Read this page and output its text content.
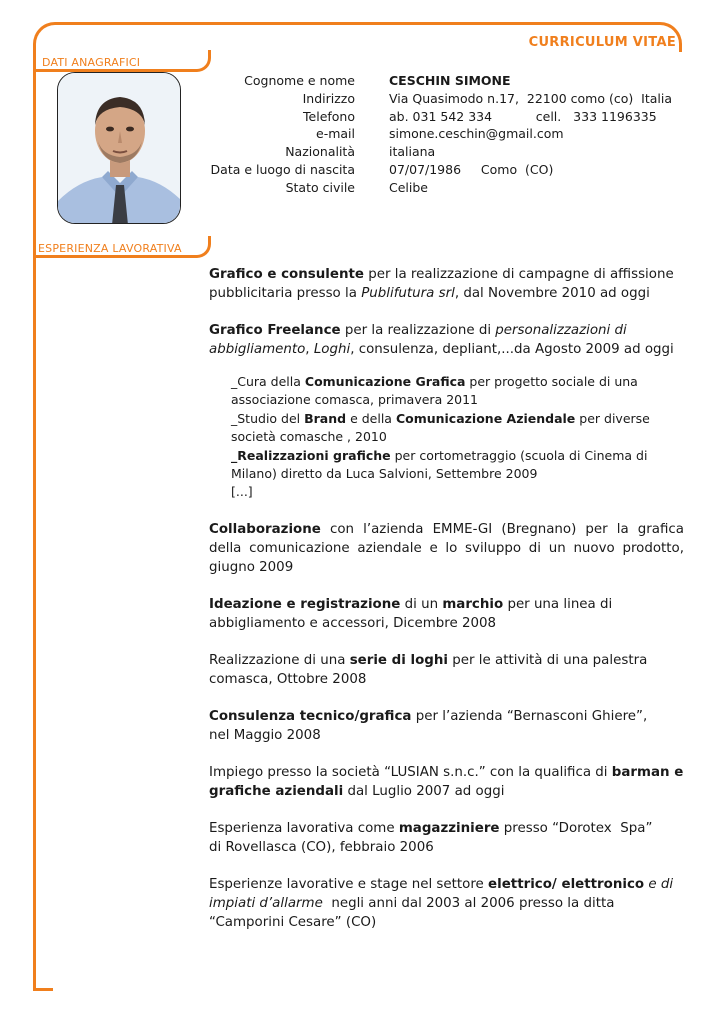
CURRICULUM VITAE
DATI ANAGRAFICI
Cognome e nome
Indirizzo
Telefono
e-mail
Nazionalità
Data e luogo di nascita
Stato civile
CESCHIN SIMONE
Via Quasimodo n.17,  22100 como (co)  Italia
ab. 031 542 334           cell.   333 1196335
simone.ceschin@gmail.com
italiana
07/07/1986     Como  (CO)
Celibe
ESPERIENZA LAVORATIVA

Grafico e consulente per la realizzazione di campagne di affissione pubblicitaria presso la Publifutura srl, dal Novembre 2010 ad oggi

Grafico Freelance per la realizzazione di personalizzazioni di abbigliamento, Loghi, consulenza, depliant,...da Agosto 2009 ad oggi

_Cura della Comunicazione Grafica per progetto sociale di una associazione comasca, primavera 2011
_Studio del Brand e della Comunicazione Aziendale per diverse società comasche , 2010
_Realizzazioni grafiche per cortometraggio (scuola di Cinema di Milano) diretto da Luca Salvioni, Settembre 2009
[...]

Collaborazione con l’azienda EMME-GI (Bregnano) per la grafica della comunicazione aziendale e lo sviluppo di un nuovo prodotto, giugno 2009

Ideazione e registrazione di un marchio per una linea di abbigliamento e accessori, Dicembre 2008

Realizzazione di una serie di loghi per le attività di una palestra comasca, Ottobre 2008

Consulenza tecnico/grafica per l’azienda “Bernasconi Ghiere”,
nel Maggio 2008

Impiego presso la società “LUSIAN s.n.c.” con la qualifica di barman e grafiche aziendali dal Luglio 2007 ad oggi

Esperienza lavorativa come magazziniere presso “Dorotex  Spa”
di Rovellasca (CO), febbraio 2006

Esperienze lavorative e stage nel settore elettrico/ elettronico e di impiati d’allarme  negli anni dal 2003 al 2006 presso la ditta “Camporini Cesare” (CO)
